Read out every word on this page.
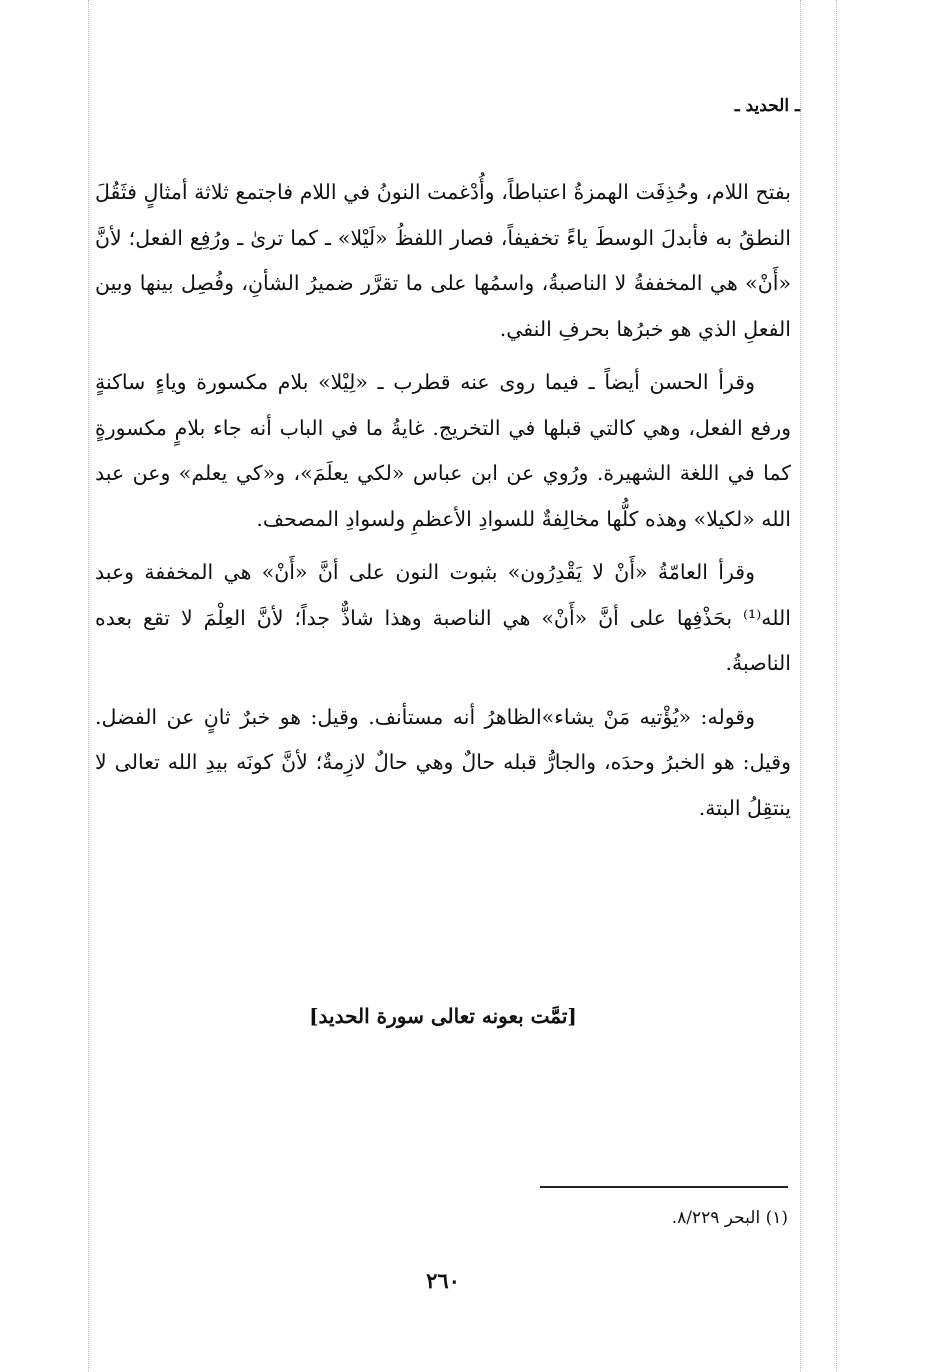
ـ الحديد ـ

بفتح اللام، وحُذِفَت الهمزةُ اعتباطاً، وأُدْغمت النونُ في اللام فاجتمع ثلاثة أمثالٍ فثَقُلَ النطقُ به فأبدلَ الوسطَ ياءً تخفيفاً، فصار اللفظُ «لَيْلا» ـ كما ترىٰ ـ ورُفِع الفعل؛ لأنَّ «أَنْ» هي المخففةُ لا الناصبةُ، واسمُها على ما تقرَّر ضميرُ الشأنِ، وفُصِل بينها وبين الفعلِ الذي هو خبرُها بحرفِ النفي.

وقرأ الحسن أيضاً ـ فيما روى عنه قطرب ـ «لِيْلا» بلام مكسورة وياءٍ ساكنةٍ ورفع الفعل، وهي كالتي قبلها في التخريج. غايةُ ما في الباب أنه جاء بلامٍ مكسورةٍ كما في اللغة الشهيرة. ورُوي عن ابن عباس «لكي يعلَمَ»، و«كي يعلم» وعن عبد الله «لكيلا» وهذه كلُّها مخالِفةٌ للسوادِ الأعظمِ ولسوادِ المصحف.

وقرأ العامّةُ «أَنْ لا يَقْدِرُون» بثبوت النون على أنَّ «أَنْ» هي المخففة وعبد الله⁽¹⁾ بحَذْفِها على أنَّ «أَنْ» هي الناصبة وهذا شاذٌّ جداً؛ لأنَّ العِلْمَ لا تقع بعده الناصبةُ.

وقوله: «يُؤْتيه مَنْ يشاء»الظاهرُ أنه مستأنف. وقيل: هو خبرٌ ثانٍ عن الفضل. وقيل: هو الخبرُ وحدَه، والجارُّ قبله حالٌ وهي حالٌ لازِمةٌ؛ لأنَّ كونَه بيدِ الله تعالى لا ينتقِلُ البتة.

[تمَّت بعونه تعالى سورة الحديد]
(١) البحر ٨/٢٢٩.
٢٦٠
